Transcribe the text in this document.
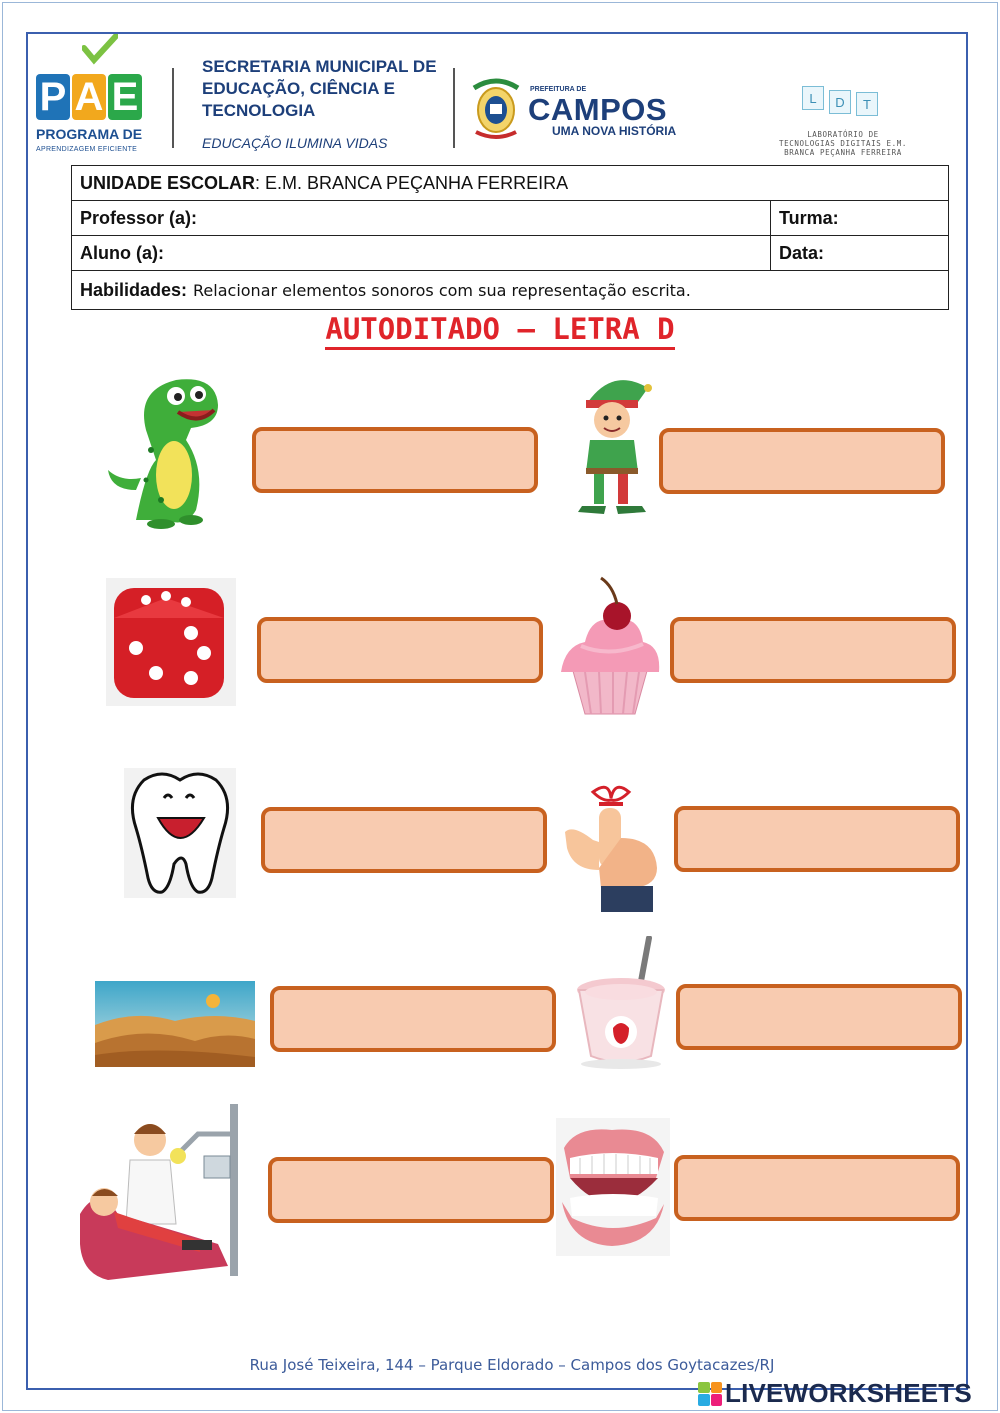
P A E
PROGRAMA DE
APRENDIZAGEM EFICIENTE
SECRETARIA MUNICIPAL DE EDUCAÇÃO, CIÊNCIA E TECNOLOGIA
EDUCAÇÃO ILUMINA VIDAS
PREFEITURA DE
CAMPOS
UMA NOVA HISTÓRIA
L	D	T
LABORATÓRIO DE TECNOLOGIAS DIGITAIS E.M. BRANCA PEÇANHA FERREIRA
UNIDADE ESCOLAR : E.M. BRANCA PEÇANHA FERREIRA
Professor (a):	Turma:
Aluno (a):	Data:
Habilidades: Relacionar elementos sonoros com sua representação escrita.
AUTODITADO – LETRA D
Rua José Teixeira, 144 – Parque Eldorado – Campos dos Goytacazes/RJ
LIVEWORKSHEETS
